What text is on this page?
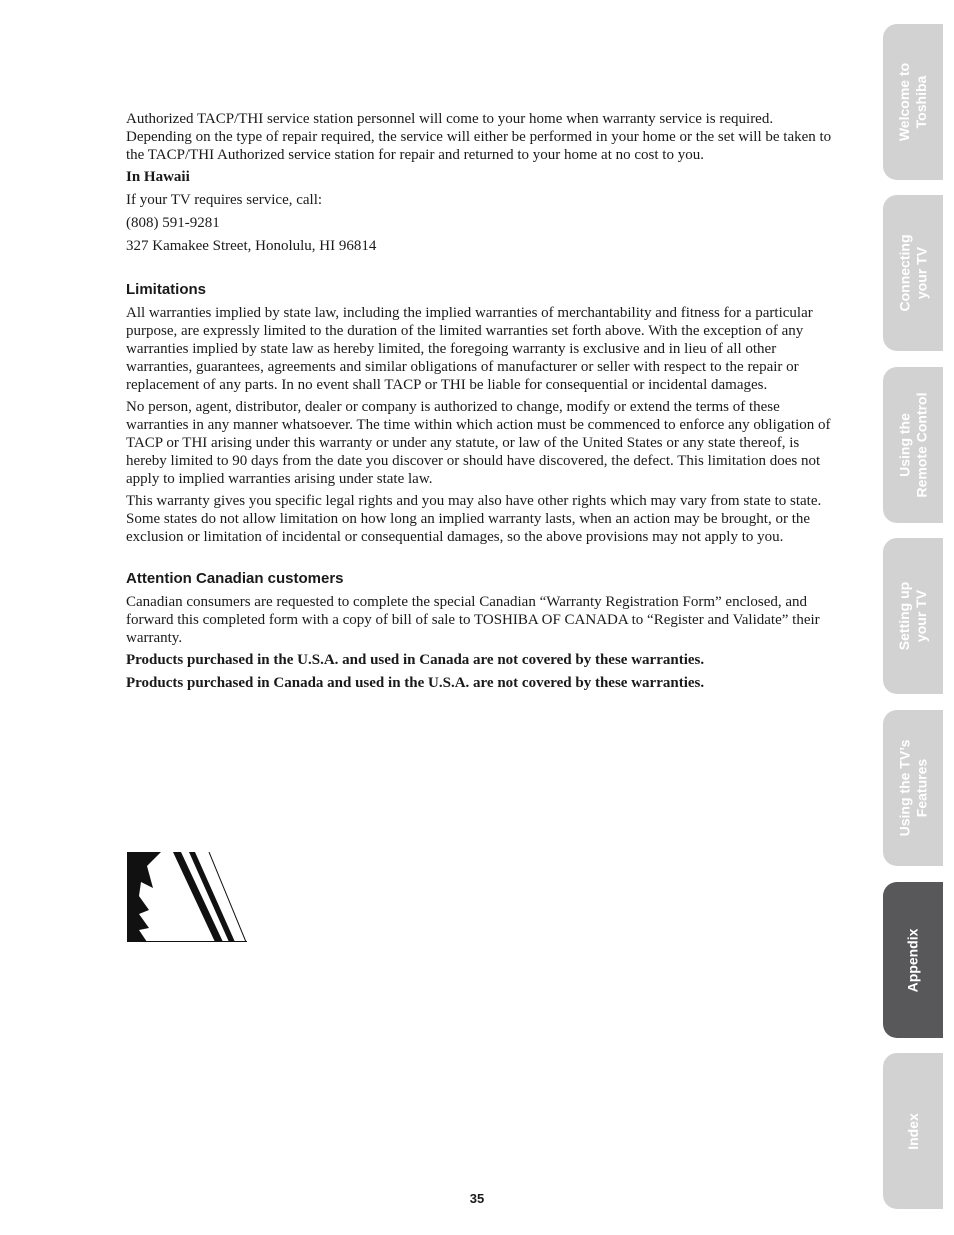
Authorized TACP/THI service station personnel will come to your home when warranty service is required. Depending on the type of repair required, the service will either be performed in your home or the set will be taken to the TACP/THI Authorized service station for repair and returned to your home at no cost to you.

In Hawaii

If your TV requires service, call:

(808) 591-9281

327 Kamakee Street, Honolulu, HI 96814

Limitations

All warranties implied by state law, including the implied warranties of merchantability and fitness for a particular purpose, are expressly limited to the duration of the limited warranties set forth above. With the exception of any warranties implied by state law as hereby limited, the foregoing warranty is exclusive and in lieu of all other warranties, guarantees, agreements and similar obligations of manufacturer or seller with respect to the repair or replacement of any parts. In no event shall TACP or THI be liable for consequential or incidental damages.

No person, agent, distributor, dealer or company is authorized to change, modify or extend the terms of these warranties in any manner whatsoever. The time within which action must be commenced to enforce any obligation of TACP or THI arising under this warranty or under any statute, or law of the United States or any state thereof, is hereby limited to 90 days from the date you discover or should have discovered, the defect. This limitation does not apply to implied warranties arising under state law.

This warranty gives you specific legal rights and you may also have other rights which may vary from state to state. Some states do not allow limitation on how long an implied warranty lasts, when an action may be brought, or the exclusion or limitation of incidental or consequential damages, so the above provisions may not apply to you.

Attention Canadian customers

Canadian consumers are requested to complete the special Canadian “Warranty Registration Form” enclosed, and forward this completed form with a copy of bill of sale to TOSHIBA OF CANADA to “Register and Validate” their warranty.

Products purchased in the U.S.A. and used in Canada are not covered by these warranties.

Products purchased in Canada and used in the U.S.A. are not covered by these warranties.

35
Welcome to Toshiba
Connecting your TV
Using the Remote Control
Setting up your TV
Using the TV’s Features
Appendix
Index
